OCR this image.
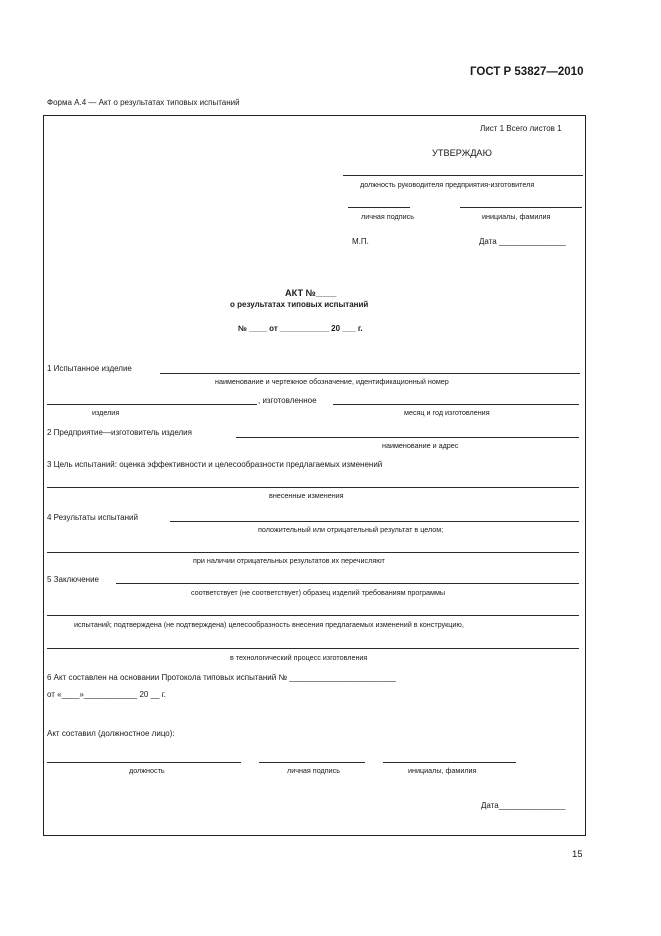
ГОСТ Р 53827—2010
Форма А.4 — Акт о результатах типовых испытаний
Лист 1 Всего листов 1
УТВЕРЖДАЮ
должность руководителя предприятия-изготовителя
личная подпись	инициалы, фамилия
М.П.	Дата _______________
АКТ №____
о результатах типовых испытаний
№ ____ от ___________ 20 ___ г.
1 Испытанное изделие
наименование и чертежное обозначение, идентификационный номер
, изготовленное
изделия	месяц и год изготовления
2 Предприятие—изготовитель изделия
наименование и адрес
3 Цель испытаний: оценка эффективности и целесообразности предлагаемых изменений
внесенные изменения
4 Результаты испытаний
положительный или отрицательный результат в целом;
при наличии отрицательных результатов их перечисляют
5 Заключение
соответствует (не соответствует) образец изделий требованиям программы
испытаний; подтверждена (не подтверждена) целесообразность внесения предлагаемых изменений в конструкцию,
в технологический процесс изготовления
6 Акт составлен на основании Протокола типовых испытаний № ________________________
от «____»____________ 20 __ г.
Акт составил (должностное лицо):
должность	личная подпись	инициалы, фамилия
Дата_______________
15
